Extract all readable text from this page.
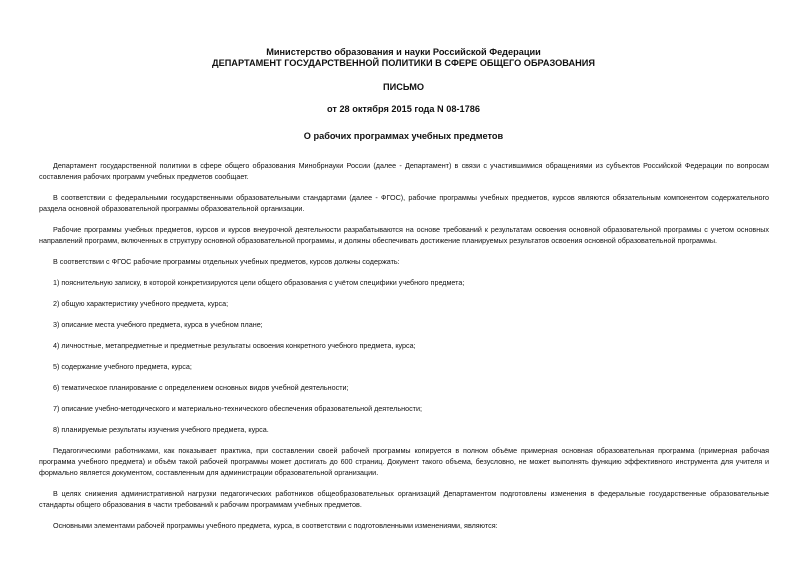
Министерство образования и науки Российской Федерации
ДЕПАРТАМЕНТ ГОСУДАРСТВЕННОЙ ПОЛИТИКИ В СФЕРЕ ОБЩЕГО ОБРАЗОВАНИЯ
ПИСЬМО
от 28 октября 2015 года N 08-1786
О рабочих программах учебных предметов

Департамент государственной политики в сфере общего образования Минобрнауки России (далее - Департамент) в связи с участившимися обращениями из субъектов Российской Федерации по вопросам составления рабочих программ учебных предметов сообщает.

В соответствии с федеральными государственными образовательными стандартами (далее - ФГОС), рабочие программы учебных предметов, курсов являются обязательным компонентом содержательного раздела основной образовательной программы образовательной организации.

Рабочие программы учебных предметов, курсов и курсов внеурочной деятельности разрабатываются на основе требований к результатам освоения основной образовательной программы с учетом основных направлений программ, включенных в структуру основной образовательной программы, и должны обеспечивать достижение планируемых результатов освоения основной образовательной программы.

В соответствии с ФГОС рабочие программы отдельных учебных предметов, курсов должны содержать:

1) пояснительную записку, в которой конкретизируются цели общего образования с учётом специфики учебного предмета;

2) общую характеристику учебного предмета, курса;

3) описание места учебного предмета, курса в учебном плане;

4) личностные, метапредметные и предметные результаты освоения конкретного учебного предмета, курса;

5) содержание учебного предмета, курса;

6) тематическое планирование с определением основных видов учебной деятельности;

7) описание учебно-методического и материально-технического обеспечения образовательной деятельности;

8) планируемые результаты изучения учебного предмета, курса.

Педагогическими работниками, как показывает практика, при составлении своей рабочей программы копируется в полном объёме примерная основная образовательная программа (примерная рабочая программа учебного предмета) и объём такой рабочей программы может достигать до 600 страниц. Документ такого объема, безусловно, не может выполнять функцию эффективного инструмента для учителя и формально является документом, составленным для администрации образовательной организации.

В целях снижения административной нагрузки педагогических работников общеобразовательных организаций Департаментом подготовлены изменения в федеральные государственные образовательные стандарты общего образования в части требований к рабочим программам учебных предметов.

Основными элементами рабочей программы учебного предмета, курса, в соответствии с подготовленными изменениями, являются:
